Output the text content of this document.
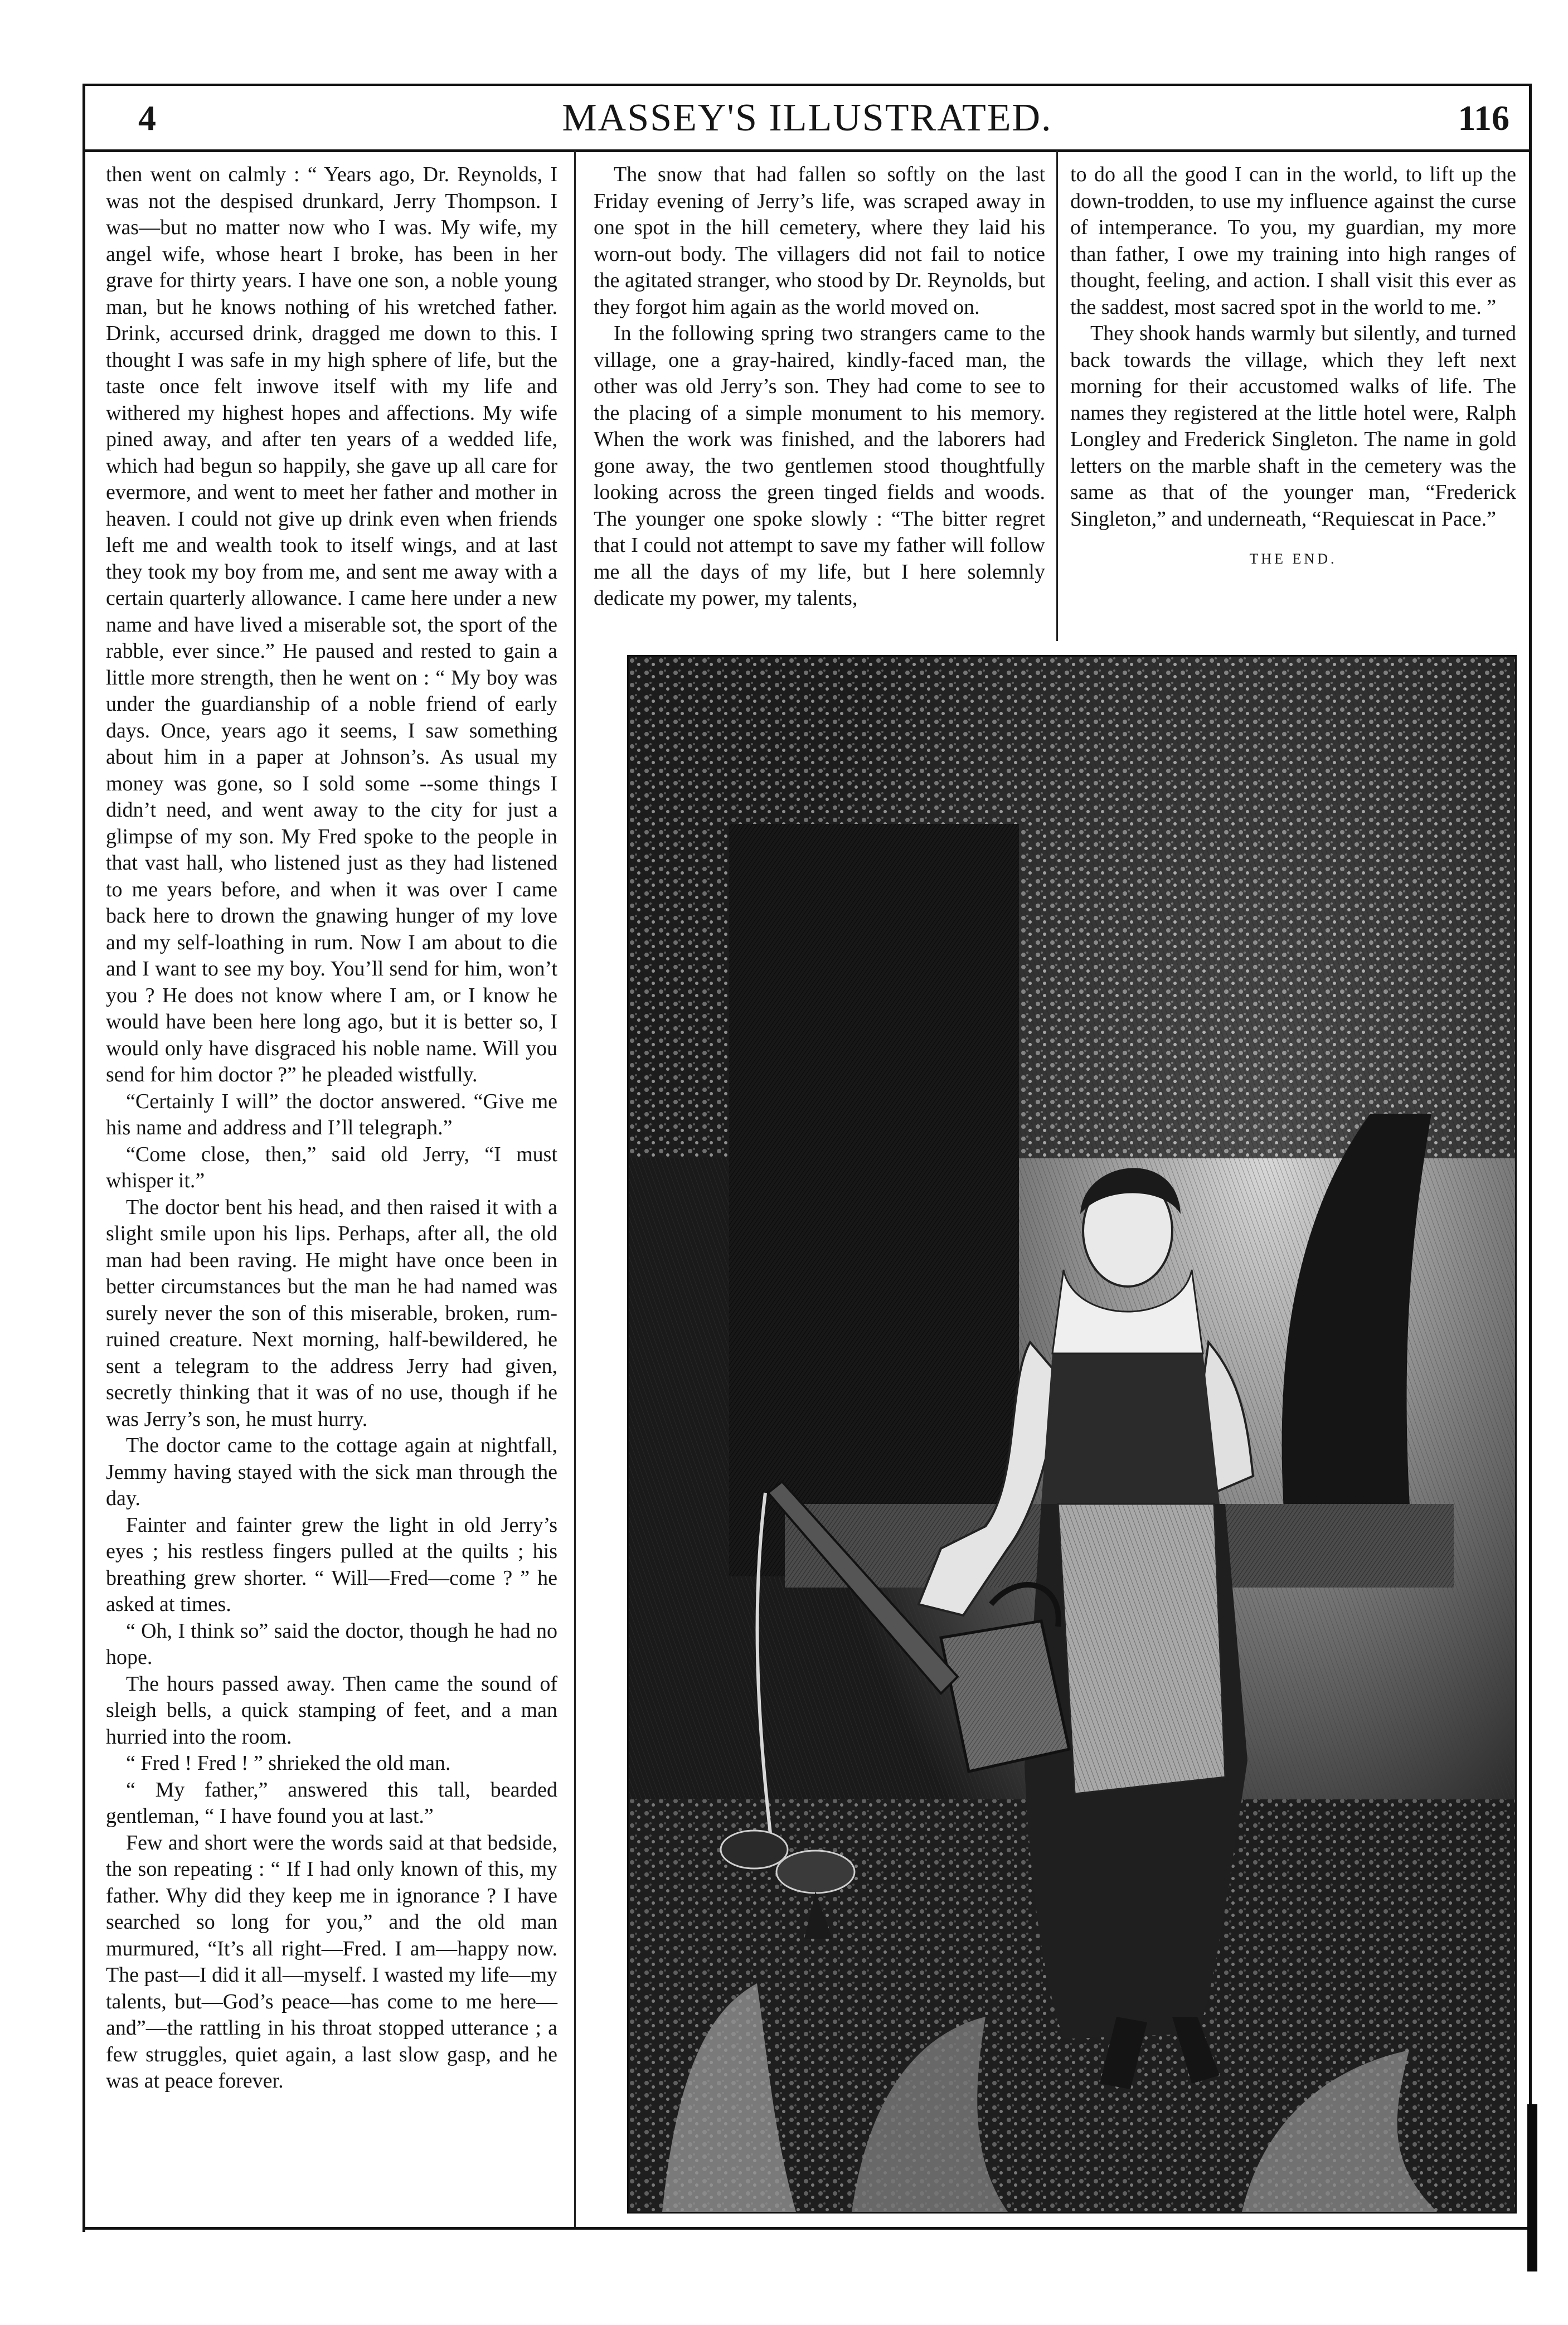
4	MASSEY'S ILLUSTRATED.	116

then went on calmly : “ Years ago, Dr. Reynolds, I was not the despised drunkard, Jerry Thompson. I was—but no matter now who I was. My wife, my angel wife, whose heart I broke, has been in her grave for thirty years. I have one son, a noble young man, but he knows nothing of his wretched father. Drink, accursed drink, dragged me down to this. I thought I was safe in my high sphere of life, but the taste once felt inwove itself with my life and withered my highest hopes and affections. My wife pined away, and after ten years of a wedded life, which had begun so happily, she gave up all care for evermore, and went to meet her father and mother in heaven. I could not give up drink even when friends left me and wealth took to itself wings, and at last they took my boy from me, and sent me away with a certain quarterly allowance. I came here under a new name and have lived a miserable sot, the sport of the rabble, ever since.” He paused and rested to gain a little more strength, then he went on : “ My boy was under the guardianship of a noble friend of early days. Once, years ago it seems, I saw something about him in a paper at Johnson’s. As usual my money was gone, so I sold some --some things I didn’t need, and went away to the city for just a glimpse of my son. My Fred spoke to the people in that vast hall, who listened just as they had listened to me years before, and when it was over I came back here to drown the gnawing hunger of my love and my self-loathing in rum. Now I am about to die and I want to see my boy. You’ll send for him, won’t you ? He does not know where I am, or I know he would have been here long ago, but it is better so, I would only have disgraced his noble name. Will you send for him doctor ?” he pleaded wistfully.

“Certainly I will” the doctor answered. “Give me his name and address and I’ll telegraph.”

“Come close, then,” said old Jerry, “I must whisper it.”

The doctor bent his head, and then raised it with a slight smile upon his lips. Perhaps, after all, the old man had been raving. He might have once been in better circumstances but the man he had named was surely never the son of this miserable, broken, rum-ruined creature. Next morning, half-bewildered, he sent a telegram to the address Jerry had given, secretly thinking that it was of no use, though if he was Jerry’s son, he must hurry.

The doctor came to the cottage again at nightfall, Jemmy having stayed with the sick man through the day.

Fainter and fainter grew the light in old Jerry’s eyes ; his restless fingers pulled at the quilts ; his breathing grew shorter. “ Will—Fred—come ? ” he asked at times.

“ Oh, I think so” said the doctor, though he had no hope.

The hours passed away. Then came the sound of sleigh bells, a quick stamping of feet, and a man hurried into the room.

“ Fred ! Fred ! ” shrieked the old man.

“ My father,” answered this tall, bearded gentleman, “ I have found you at last.”

Few and short were the words said at that bedside, the son repeating : “ If I had only known of this, my father. Why did they keep me in ignorance ? I have searched so long for you,” and the old man murmured, “It’s all right—Fred. I am—happy now. The past—I did it all—myself. I wasted my life—my talents, but—God’s peace—has come to me here—and”—the rattling in his throat stopped utterance ; a few struggles, quiet again, a last slow gasp, and he was at peace forever.

The snow that had fallen so softly on the last Friday evening of Jerry’s life, was scraped away in one spot in the hill cemetery, where they laid his worn-out body. The villagers did not fail to notice the agitated stranger, who stood by Dr. Reynolds, but they forgot him again as the world moved on.

In the following spring two strangers came to the village, one a gray-haired, kindly-faced man, the other was old Jerry’s son. They had come to see to the placing of a simple monument to his memory. When the work was finished, and the laborers had gone away, the two gentlemen stood thoughtfully looking across the green tinged fields and woods. The younger one spoke slowly : “The bitter regret that I could not attempt to save my father will follow me all the days of my life, but I here solemnly dedicate my power, my talents,

to do all the good I can in the world, to lift up the down-trodden, to use my influence against the curse of intemperance. To you, my guardian, my more than father, I owe my training into high ranges of thought, feeling, and action. I shall visit this ever as the saddest, most sacred spot in the world to me. ”

They shook hands warmly but silently, and turned back towards the village, which they left next morning for their accustomed walks of life. The names they registered at the little hotel were, Ralph Longley and Frederick Singleton. The name in gold letters on the marble shaft in the cemetery was the same as that of the younger man, “Frederick Singleton,” and underneath, “Requiescat in Pace.”

THE END.
